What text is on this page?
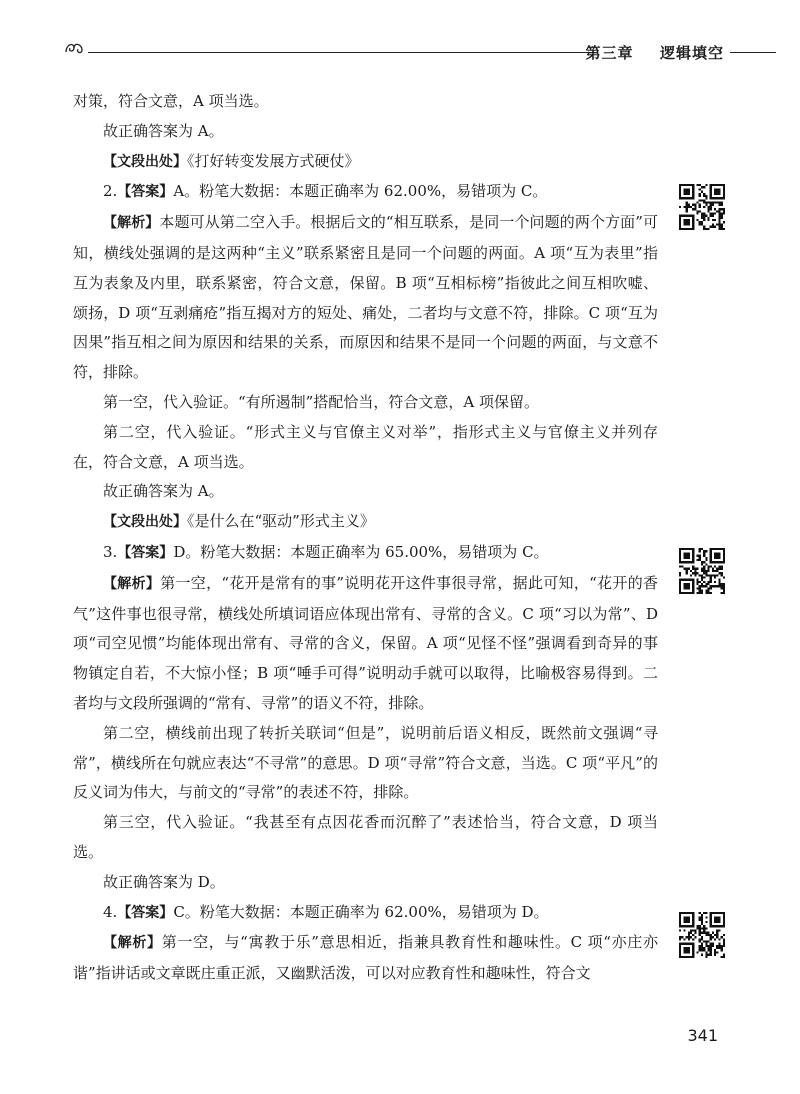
第三章 逻辑填空

对策，符合文意，A 项当选。

故正确答案为 A。

【文段出处】《打好转变发展方式硬仗》

2.【答案】A。粉笔大数据：本题正确率为 62.00%，易错项为 C。

【解析】本题可从第二空入手。根据后文的“相互联系，是同一个问题的两个方面”可知，横线处强调的是这两种“主义”联系紧密且是同一个问题的两面。A 项“互为表里”指互为表象及内里，联系紧密，符合文意，保留。B 项“互相标榜”指彼此之间互相吹嘘、颂扬，D 项“互剥痛疮”指互揭对方的短处、痛处，二者均与文意不符，排除。C 项“互为因果”指互相之间为原因和结果的关系，而原因和结果不是同一个问题的两面，与文意不符，排除。

第一空，代入验证。“有所遏制”搭配恰当，符合文意，A 项保留。

第二空，代入验证。“形式主义与官僚主义对举”，指形式主义与官僚主义并列存在，符合文意，A 项当选。

故正确答案为 A。

【文段出处】《是什么在“驱动”形式主义》

3.【答案】D。粉笔大数据：本题正确率为 65.00%，易错项为 C。

【解析】第一空，“花开是常有的事”说明花开这件事很寻常，据此可知，“花开的香气”这件事也很寻常，横线处所填词语应体现出常有、寻常的含义。C 项“习以为常”、D 项“司空见惯”均能体现出常有、寻常的含义，保留。A 项“见怪不怪”强调看到奇异的事物镇定自若，不大惊小怪；B 项“唾手可得”说明动手就可以取得，比喻极容易得到。二者均与文段所强调的“常有、寻常”的语义不符，排除。

第二空，横线前出现了转折关联词“但是”，说明前后语义相反，既然前文强调“寻常”，横线所在句就应表达“不寻常”的意思。D 项“寻常”符合文意，当选。C 项“平凡”的反义词为伟大，与前文的“寻常”的表述不符，排除。

第三空，代入验证。“我甚至有点因花香而沉醉了”表述恰当，符合文意，D 项当选。

故正确答案为 D。

4.【答案】C。粉笔大数据：本题正确率为 62.00%，易错项为 D。

【解析】第一空，与“寓教于乐”意思相近，指兼具教育性和趣味性。C 项“亦庄亦谐”指讲话或文章既庄重正派，又幽默活泼，可以对应教育性和趣味性，符合文

341
